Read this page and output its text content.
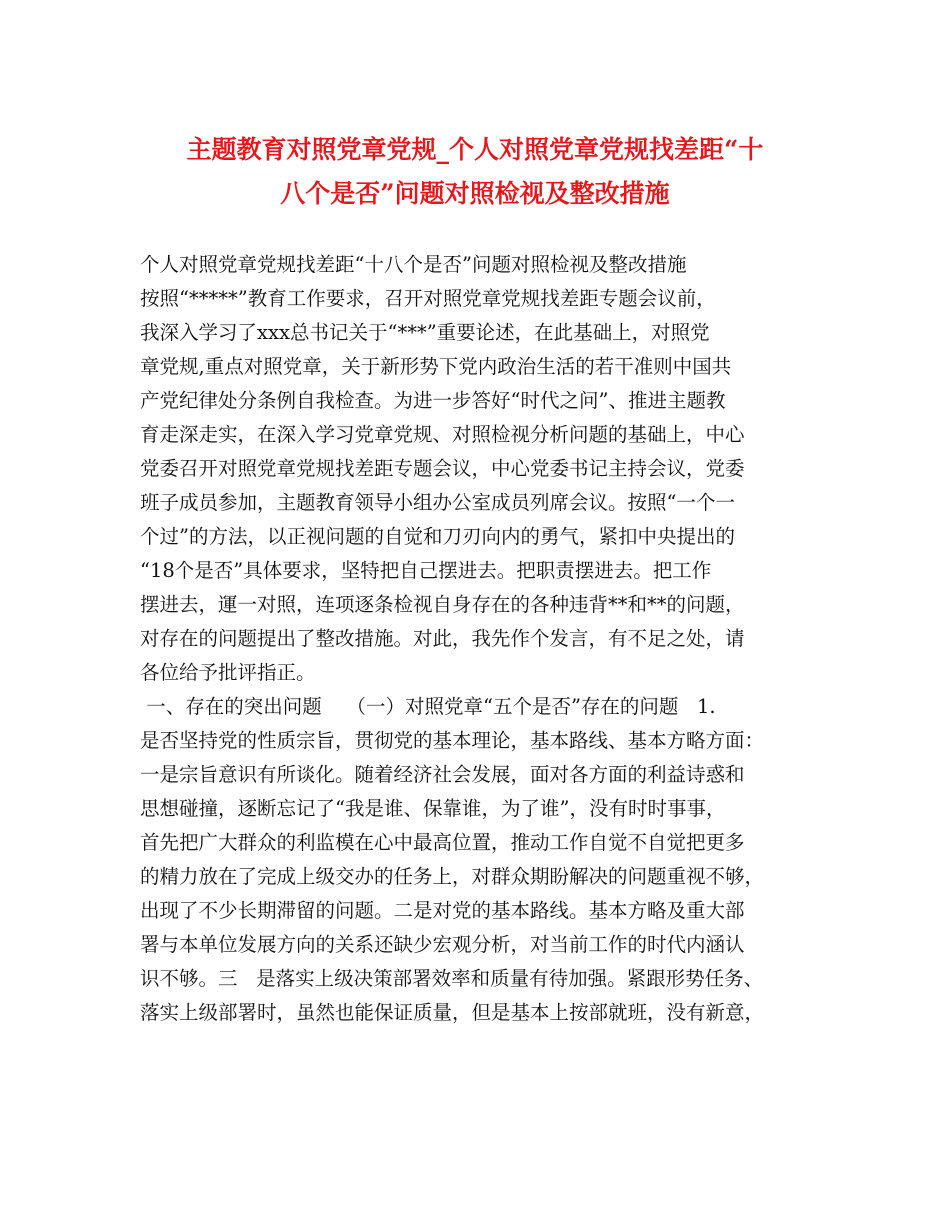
主题教育对照党章党规_个人对照党章党规找差距“十
八个是否”问题对照检视及整改措施
个人对照党章党规找差距“十八个是否”问题对照检视及整改措施
按照“*****”教育工作要求，召开对照党章党规找差距专题会议前，
我深入学习了xxx总书记关于“***”重要论述，在此基础上，对照党
章党规,重点对照党章，关于新形势下党内政治生活的若干准则中国共
产党纪律处分条例自我检查。为进一步答好“时代之问”、推进主题教
育走深走实，在深入学习党章党规、对照检视分析问题的基础上，中心
党委召开对照党章党规找差距专题会议，中心党委书记主持会议，党委
班子成员参加，主题教育领导小组办公室成员列席会议。按照“一个一
个过”的方法，以正视问题的自觉和刀刃向内的勇气，紧扣中央提出的
“18个是否”具体要求，坚特把自己摆进去。把职责摆进去。把工作
摆进去，運一对照，连项逐条检视自身存在的各种违背**和**的问题，
对存在的问题提出了整改措施。对此，我先作个发言，有不足之处，请
各位给予批评指正。
一、存在的突出问题    （一）对照党章“五个是否”存在的问题   1.
是否坚持党的性质宗旨，贯彻党的基本理论，基本路线、基本方略方面：
一是宗旨意识有所谈化。随着经济社会发展，面对各方面的利益诗惑和
思想碰撞，逐断忘记了“我是谁、保靠谁，为了谁”，没有时时事事，
首先把广大群众的利监模在心中最高位置，推动工作自觉不自觉把更多
的精力放在了完成上级交办的任务上，对群众期盼解决的问题重视不够，
出现了不少长期滞留的问题。二是对党的基本路线。基本方略及重大部
署与本单位发展方向的关系还缺少宏观分析，对当前工作的时代内涵认
识不够。三   是落实上级决策部署效率和质量有待加强。紧跟形势任务、
落实上级部署时，虽然也能保证质量，但是基本上按部就班，没有新意，
